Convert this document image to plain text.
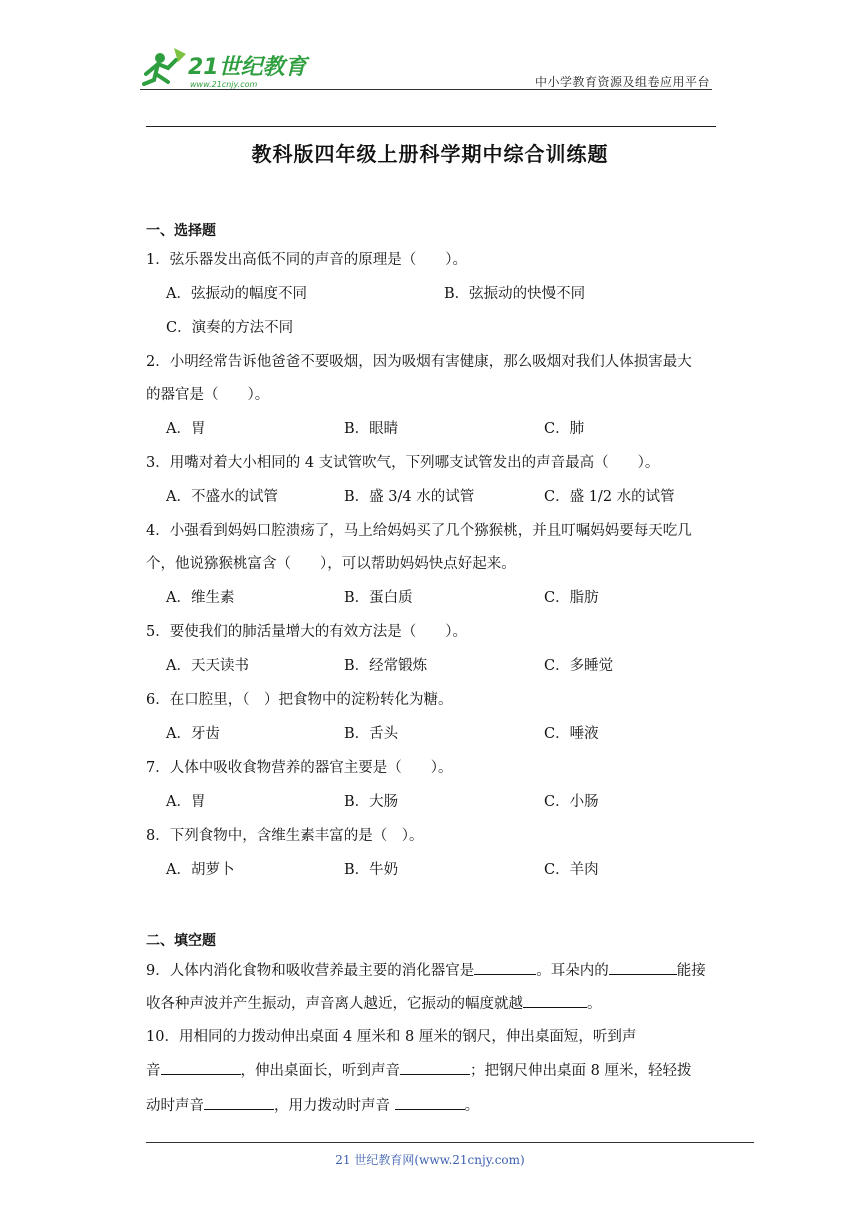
21世纪教育
www.21cnjy.com	中小学教育资源及组卷应用平台
教科版四年级上册科学期中综合训练题
一、选择题
1．弦乐器发出高低不同的声音的原理是（　　）。
A．弦振动的幅度不同	B．弦振动的快慢不同
C．演奏的方法不同
2．小明经常告诉他爸爸不要吸烟，因为吸烟有害健康，那么吸烟对我们人体损害最大
的器官是（　　）。
A．胃	B．眼睛	C．肺
3．用嘴对着大小相同的 4 支试管吹气，下列哪支试管发出的声音最高（　　）。
A．不盛水的试管	B．盛 3/4 水的试管	C．盛 1/2 水的试管
4．小强看到妈妈口腔溃疡了，马上给妈妈买了几个猕猴桃，并且叮嘱妈妈要每天吃几
个，他说猕猴桃富含（　　），可以帮助妈妈快点好起来。
A．维生素	B．蛋白质	C．脂肪
5．要使我们的肺活量增大的有效方法是（　　）。
A．天天读书	B．经常锻炼	C．多睡觉
6．在口腔里，（　）把食物中的淀粉转化为糖。
A．牙齿	B．舌头	C．唾液
7．人体中吸收食物营养的器官主要是（　　）。
A．胃	B．大肠	C．小肠
8．下列食物中，含维生素丰富的是（　）。
A．胡萝卜	B．牛奶	C．羊肉
二、填空题
9．人体内消化食物和吸收营养最主要的消化器官是	。耳朵内的	能接
收各种声波并产生振动，声音离人越近，它振动的幅度就越	。
10．用相同的力拨动伸出桌面 4 厘米和 8 厘米的钢尺，伸出桌面短，听到声
音	，伸出桌面长，听到声音	；把钢尺伸出桌面 8 厘米，轻轻拨
动时声音	，用力拨动时声音	。
21 世纪教育网(www.21cnjy.com)
